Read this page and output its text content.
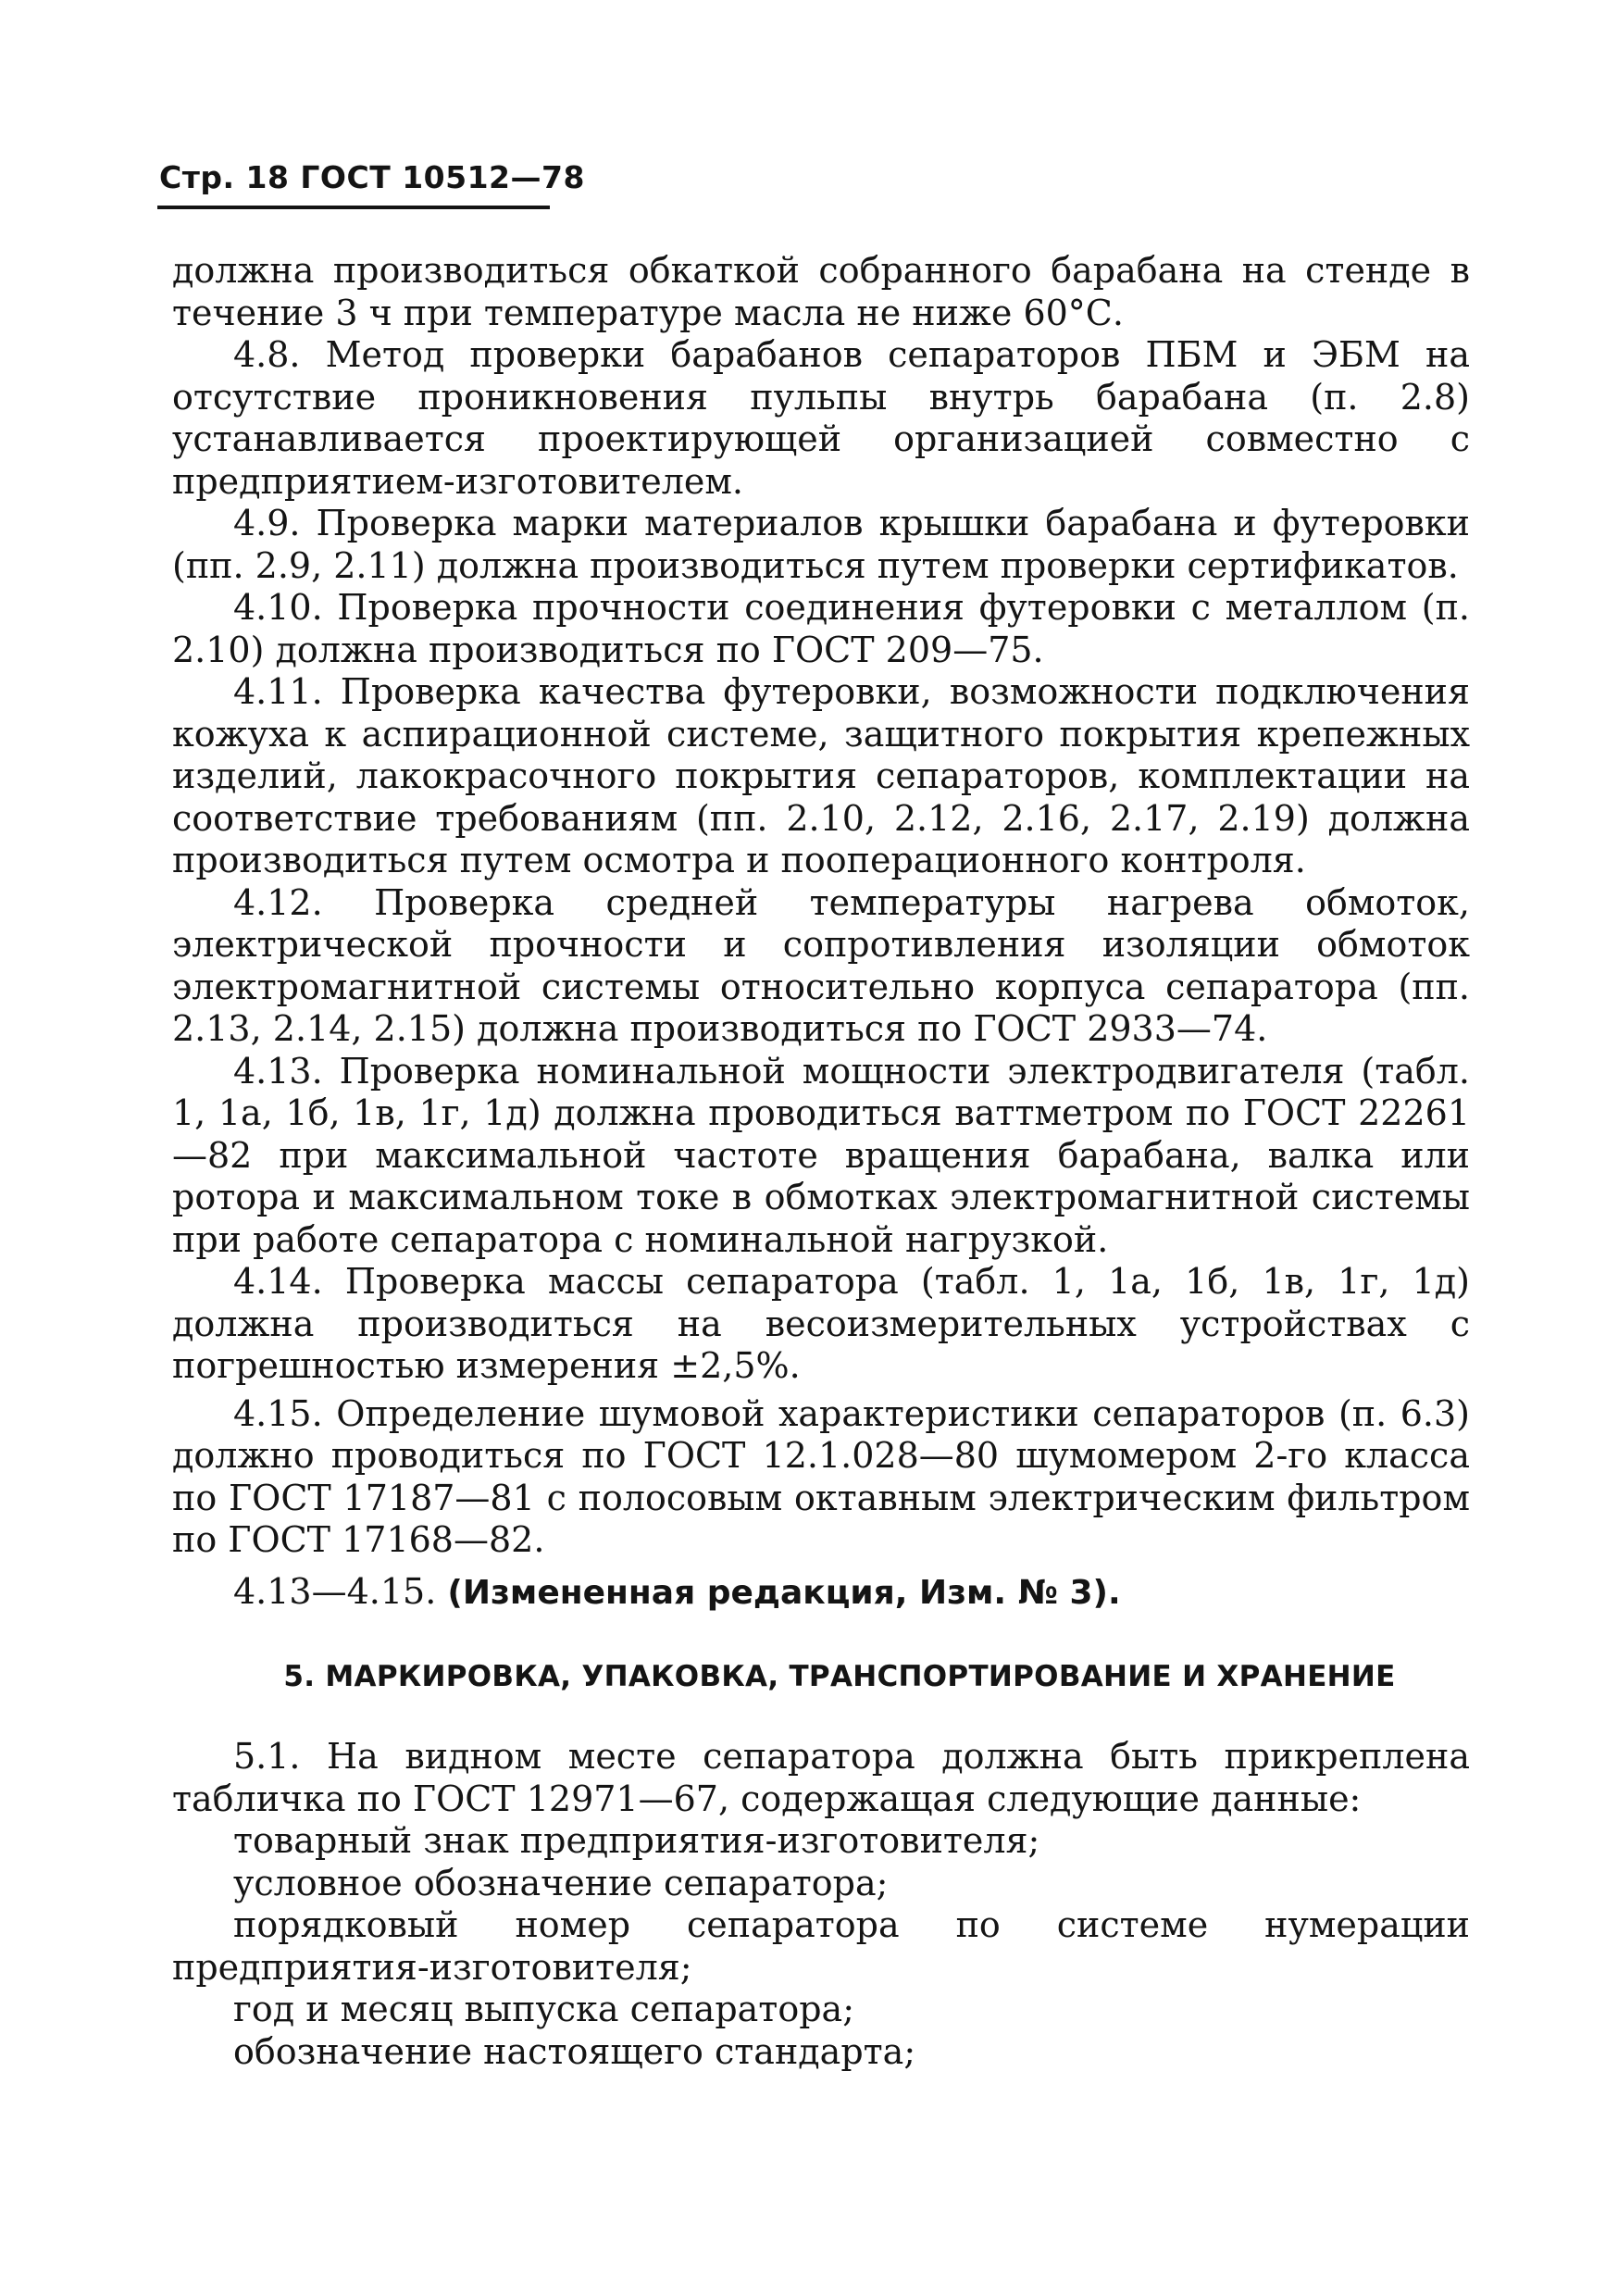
Стр. 18 ГОСТ 10512—78

должна производиться обкаткой собранного барабана на стенде в течение 3 ч при температуре масла не ниже 60°С.

4.8. Метод проверки барабанов сепараторов ПБМ и ЭБМ на отсутствие проникновения пульпы внутрь барабана (п. 2.8) устанавливается проектирующей организацией совместно с предприятием-изготовителем.

4.9. Проверка марки материалов крышки барабана и футеровки (пп. 2.9, 2.11) должна производиться путем проверки сертификатов.

4.10. Проверка прочности соединения футеровки с металлом (п. 2.10) должна производиться по ГОСТ 209—75.

4.11. Проверка качества футеровки, возможности подключения кожуха к аспирационной системе, защитного покрытия крепежных изделий, лакокрасочного покрытия сепараторов, комплектации на соответствие требованиям (пп. 2.10, 2.12, 2.16, 2.17, 2.19) должна производиться путем осмотра и пооперационного контроля.

4.12. Проверка средней температуры нагрева обмоток, электрической прочности и сопротивления изоляции обмоток электромагнитной системы относительно корпуса сепаратора (пп. 2.13, 2.14, 2.15) должна производиться по ГОСТ 2933—74.

4.13. Проверка номинальной мощности электродвигателя (табл. 1, 1а, 1б, 1в, 1г, 1д) должна проводиться ваттметром по ГОСТ 22261—82 при максимальной частоте вращения барабана, валка или ротора и максимальном токе в обмотках электромагнитной системы при работе сепаратора с номинальной нагрузкой.

4.14. Проверка массы сепаратора (табл. 1, 1а, 1б, 1в, 1г, 1д) должна производиться на весоизмерительных устройствах с погрешностью измерения ±2,5%.

4.15. Определение шумовой характеристики сепараторов (п. 6.3) должно проводиться по ГОСТ 12.1.028—80 шумомером 2-го класса по ГОСТ 17187—81 с полосовым октавным электрическим фильтром по ГОСТ 17168—82.

4.13—4.15. (Измененная редакция, Изм. № 3).

5. МАРКИРОВКА, УПАКОВКА, ТРАНСПОРТИРОВАНИЕ И ХРАНЕНИЕ

5.1. На видном месте сепаратора должна быть прикреплена табличка по ГОСТ 12971—67, содержащая следующие данные:

товарный знак предприятия-изготовителя;

условное обозначение сепаратора;

порядковый номер сепаратора по системе нумерации предприятия-изготовителя;

год и месяц выпуска сепаратора;

обозначение настоящего стандарта;
